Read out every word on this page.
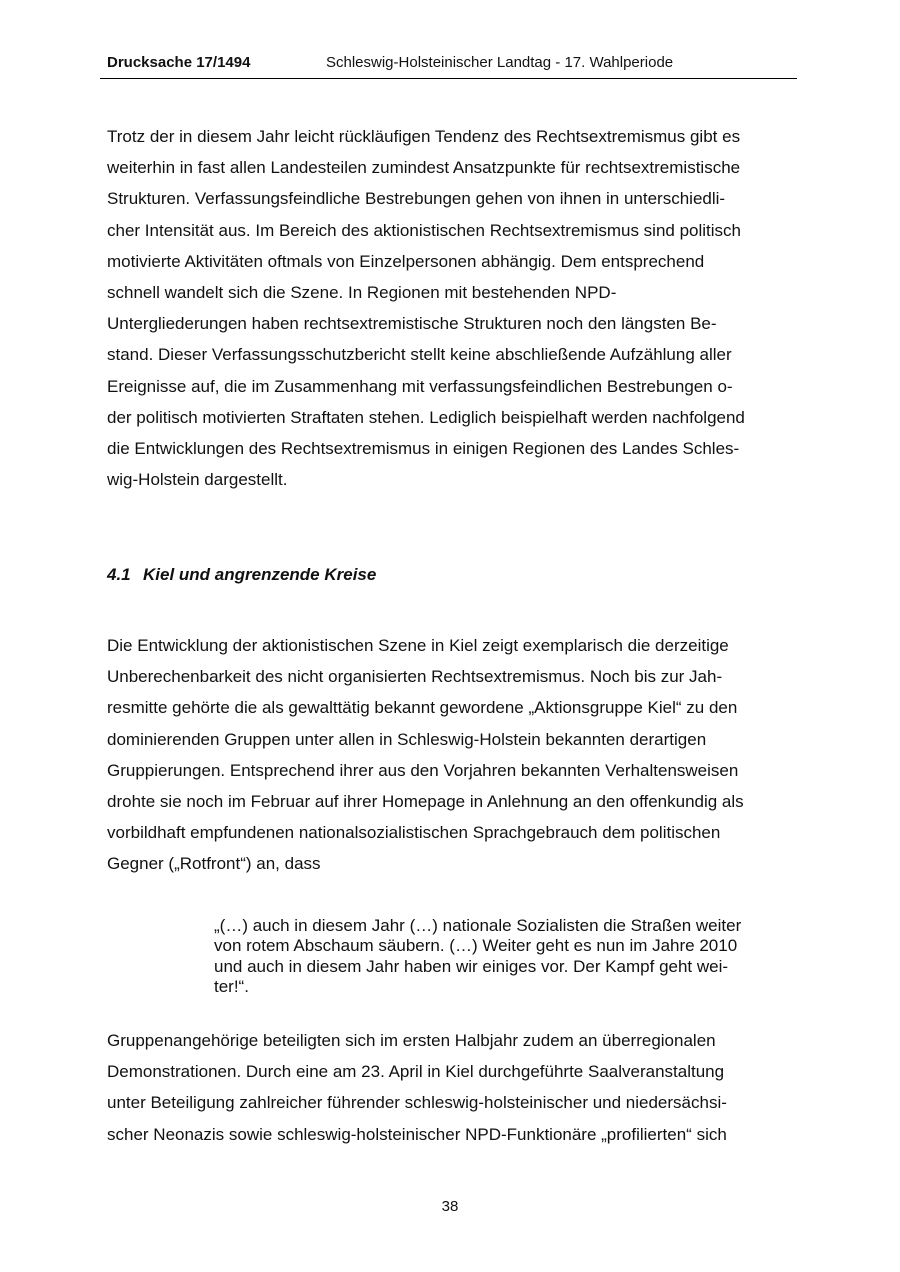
Drucksache 17/1494	Schleswig-Holsteinischer Landtag - 17. Wahlperiode
Trotz der in diesem Jahr leicht rückläufigen Tendenz des Rechtsextremismus gibt es
weiterhin in fast allen Landesteilen zumindest Ansatzpunkte für rechtsextremistische
Strukturen. Verfassungsfeindliche Bestrebungen gehen von ihnen in unterschiedli-
cher Intensität aus. Im Bereich des aktionistischen Rechtsextremismus sind politisch
motivierte Aktivitäten oftmals von Einzelpersonen abhängig. Dem entsprechend
schnell wandelt sich die Szene. In Regionen mit bestehenden NPD-
Untergliederungen haben rechtsextremistische Strukturen noch den längsten Be-
stand. Dieser Verfassungsschutzbericht stellt keine abschließende Aufzählung aller
Ereignisse auf, die im Zusammenhang mit verfassungsfeindlichen Bestrebungen o-
der politisch motivierten Straftaten stehen. Lediglich beispielhaft werden nachfolgend
die Entwicklungen des Rechtsextremismus in einigen Regionen des Landes Schles-
wig-Holstein dargestellt.
4.1 Kiel und angrenzende Kreise
Die Entwicklung der aktionistischen Szene in Kiel zeigt exemplarisch die derzeitige
Unberechenbarkeit des nicht organisierten Rechtsextremismus. Noch bis zur Jah-
resmitte gehörte die als gewalttätig bekannt gewordene „Aktionsgruppe Kiel“ zu den
dominierenden Gruppen unter allen in Schleswig-Holstein bekannten derartigen
Gruppierungen. Entsprechend ihrer aus den Vorjahren bekannten Verhaltensweisen
drohte sie noch im Februar auf ihrer Homepage in Anlehnung an den offenkundig als
vorbildhaft empfundenen nationalsozialistischen Sprachgebrauch dem politischen
Gegner („Rotfront“) an, dass
„(…) auch in diesem Jahr (…) nationale Sozialisten die Straßen weiter
von rotem Abschaum säubern. (…) Weiter geht es nun im Jahre 2010
und auch in diesem Jahr haben wir einiges vor. Der Kampf geht wei-
ter!“.
Gruppenangehörige beteiligten sich im ersten Halbjahr zudem an überregionalen
Demonstrationen. Durch eine am 23. April in Kiel durchgeführte Saalveranstaltung
unter Beteiligung zahlreicher führender schleswig-holsteinischer und niedersächsi-
scher Neonazis sowie schleswig-holsteinischer NPD-Funktionäre „profilierten“ sich
38
